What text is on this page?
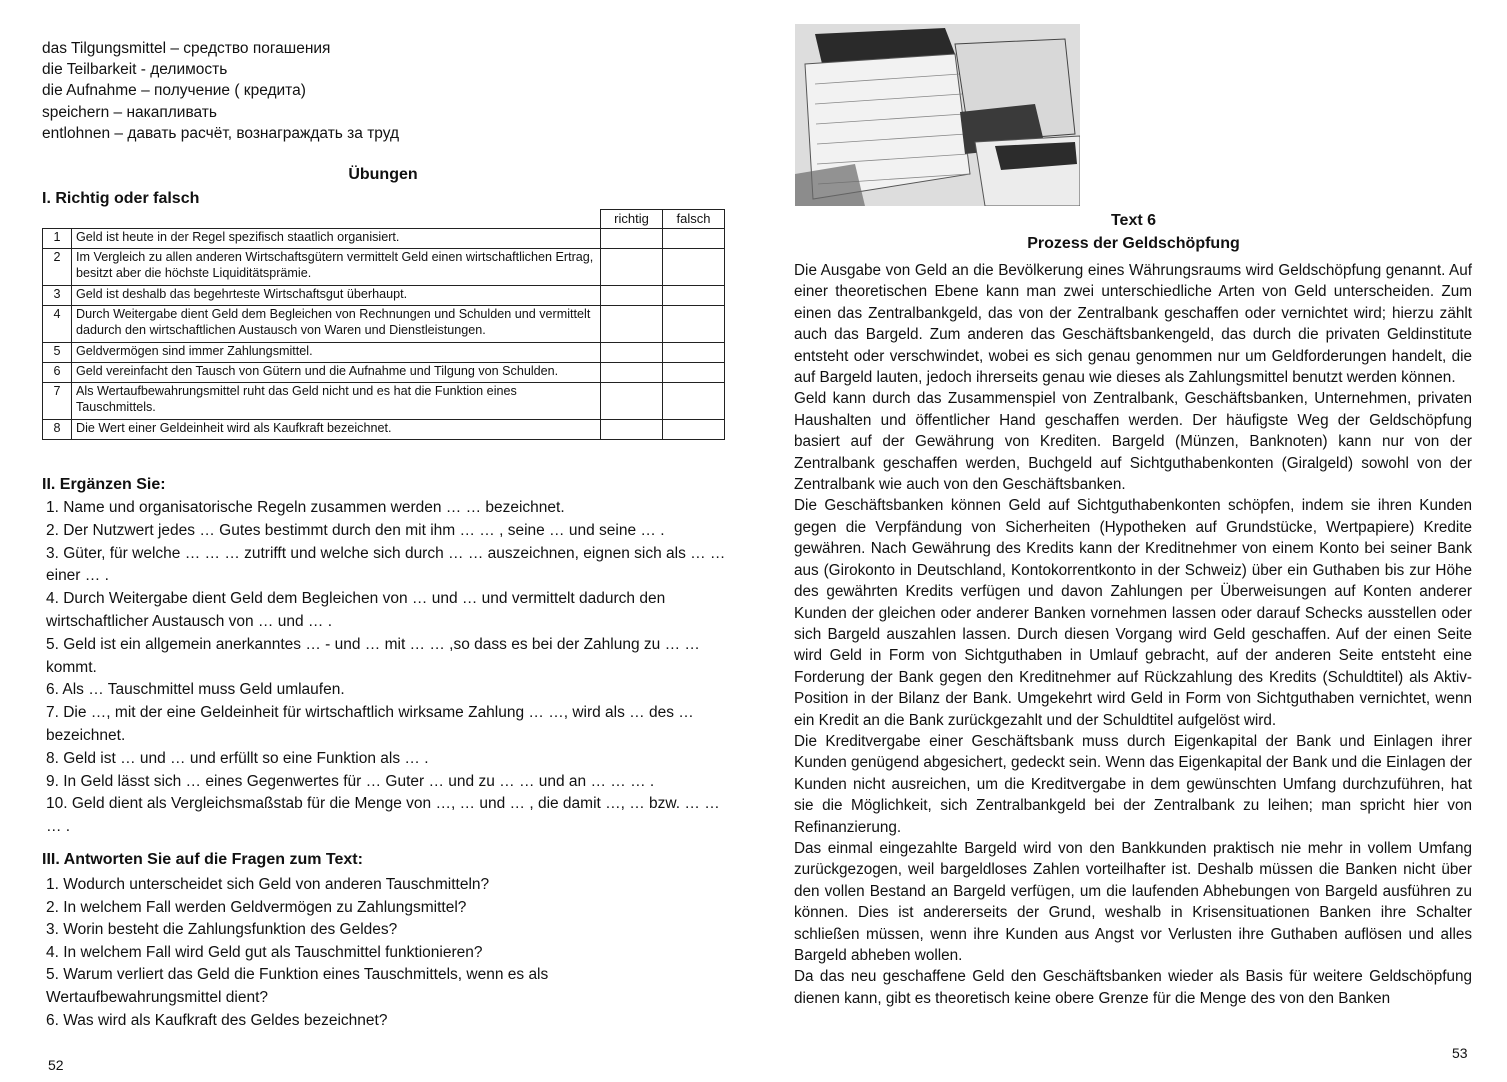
das Tilgungsmittel – средство погашения
die Teilbarkeit - делимость
die Aufnahme – получение ( кредита)
speichern – накапливать
entlohnen – давать расчёт, вознаграждать за труд
Übungen
I. Richtig oder falsch
		richtig	falsch
1	Geld ist heute in der Regel spezifisch staatlich organisiert.		
2	Im Vergleich zu allen anderen Wirtschaftsgütern vermittelt Geld einen wirtschaftlichen Ertrag, besitzt aber die höchste Liquiditätsprämie.		
3	Geld ist deshalb das begehrteste Wirtschaftsgut überhaupt.		
4	Durch Weitergabe dient Geld dem Begleichen von Rechnungen und Schulden und vermittelt dadurch den wirtschaftlichen Austausch von Waren und Dienstleistungen.		
5	Geldvermögen sind immer Zahlungsmittel.		
6	Geld vereinfacht den Tausch von Gütern und die Aufnahme und Tilgung von Schulden.		
7	Als Wertaufbewahrungsmittel ruht das Geld nicht und es hat die Funktion eines Tauschmittels.		
8	Die Wert einer Geldeinheit wird als Kaufkraft bezeichnet.		
II. Ergänzen Sie:
1. Name und organisatorische Regeln zusammen werden … … bezeichnet.
2. Der Nutzwert jedes … Gutes bestimmt durch den mit ihm … … , seine … und seine … .
3. Güter, für welche … … … zutrifft und welche sich durch … … auszeichnen, eignen sich als … … einer … .
4. Durch Weitergabe dient Geld dem Begleichen von … und … und vermittelt dadurch den wirtschaftlicher Austausch von … und … .
5. Geld ist ein allgemein anerkanntes … - und … mit … … ,so dass es bei der Zahlung zu … … kommt.
6. Als … Tauschmittel muss Geld umlaufen.
7. Die …, mit der eine Geldeinheit für wirtschaftlich wirksame Zahlung … …, wird als … des … bezeichnet.
8. Geld ist … und … und erfüllt so eine Funktion als … .
9. In Geld lässt sich … eines Gegenwertes für … Guter … und zu … … und an … … … .
10. Geld dient als Vergleichsmaßstab für die Menge von …, … und … , die damit …, … bzw. … … … .
III. Antworten Sie auf die Fragen zum Text:
1. Wodurch unterscheidet sich Geld von anderen Tauschmitteln?
2. In welchem Fall werden Geldvermögen zu Zahlungsmittel?
3. Worin besteht die Zahlungsfunktion des Geldes?
4. In welchem Fall wird Geld gut als Tauschmittel funktionieren?
5. Warum verliert das Geld die Funktion eines Tauschmittels, wenn es als Wertaufbewahrungsmittel dient?
6. Was wird als Kaufkraft des Geldes bezeichnet?
52
Text 6
Prozess der Geldschöpfung

Die Ausgabe von Geld an die Bevölkerung eines Währungsraums wird Geldschöpfung genannt. Auf einer theoretischen Ebene kann man zwei unterschiedliche Arten von Geld unterscheiden. Zum einen das Zentralbankgeld, das von der Zentralbank geschaffen oder vernichtet wird; hierzu zählt auch das Bargeld. Zum anderen das Geschäftsbankengeld, das durch die privaten Geldinstitute entsteht oder verschwindet, wobei es sich genau genommen nur um Geldforderungen handelt, die auf Bargeld lauten, jedoch ihrerseits genau wie dieses als Zahlungsmittel benutzt werden können.

Geld kann durch das Zusammenspiel von Zentralbank, Geschäftsbanken, Unternehmen, privaten Haushalten und öffentlicher Hand geschaffen werden. Der häufigste Weg der Geldschöpfung basiert auf der Gewährung von Krediten. Bargeld (Münzen, Banknoten) kann nur von der Zentralbank geschaffen werden, Buchgeld auf Sichtguthabenkonten (Giralgeld) sowohl von der Zentralbank wie auch von den Geschäftsbanken.

Die Geschäftsbanken können Geld auf Sichtguthabenkonten schöpfen, indem sie ihren Kunden gegen die Verpfändung von Sicherheiten (Hypotheken auf Grundstücke, Wertpapiere) Kredite gewähren. Nach Gewährung des Kredits kann der Kreditnehmer von einem Konto bei seiner Bank aus (Girokonto in Deutschland, Kontokorrentkonto in der Schweiz) über ein Guthaben bis zur Höhe des gewährten Kredits verfügen und davon Zahlungen per Überweisungen auf Konten anderer Kunden der gleichen oder anderer Banken vornehmen lassen oder darauf Schecks ausstellen oder sich Bargeld auszahlen lassen. Durch diesen Vorgang wird Geld geschaffen. Auf der einen Seite wird Geld in Form von Sichtguthaben in Umlauf gebracht, auf der anderen Seite entsteht eine Forderung der Bank gegen den Kreditnehmer auf Rückzahlung des Kredits (Schuldtitel) als Aktiv-Position in der Bilanz der Bank. Umgekehrt wird Geld in Form von Sichtguthaben vernichtet, wenn ein Kredit an die Bank zurückgezahlt und der Schuldtitel aufgelöst wird.

Die Kreditvergabe einer Geschäftsbank muss durch Eigenkapital der Bank und Einlagen ihrer Kunden genügend abgesichert, gedeckt sein. Wenn das Eigenkapital der Bank und die Einlagen der Kunden nicht ausreichen, um die Kreditvergabe in dem gewünschten Umfang durchzuführen, hat sie die Möglichkeit, sich Zentralbankgeld bei der Zentralbank zu leihen; man spricht hier von Refinanzierung.

Das einmal eingezahlte Bargeld wird von den Bankkunden praktisch nie mehr in vollem Umfang zurückgezogen, weil bargeldloses Zahlen vorteilhafter ist. Deshalb müssen die Banken nicht über den vollen Bestand an Bargeld verfügen, um die laufenden Abhebungen von Bargeld ausführen zu können. Dies ist andererseits der Grund, weshalb in Krisensituationen Banken ihre Schalter schließen müssen, wenn ihre Kunden aus Angst vor Verlusten ihre Guthaben auflösen und alles Bargeld abheben wollen.

Da das neu geschaffene Geld den Geschäftsbanken wieder als Basis für weitere Geldschöpfung dienen kann, gibt es theoretisch keine obere Grenze für die Menge des von den Banken

53
